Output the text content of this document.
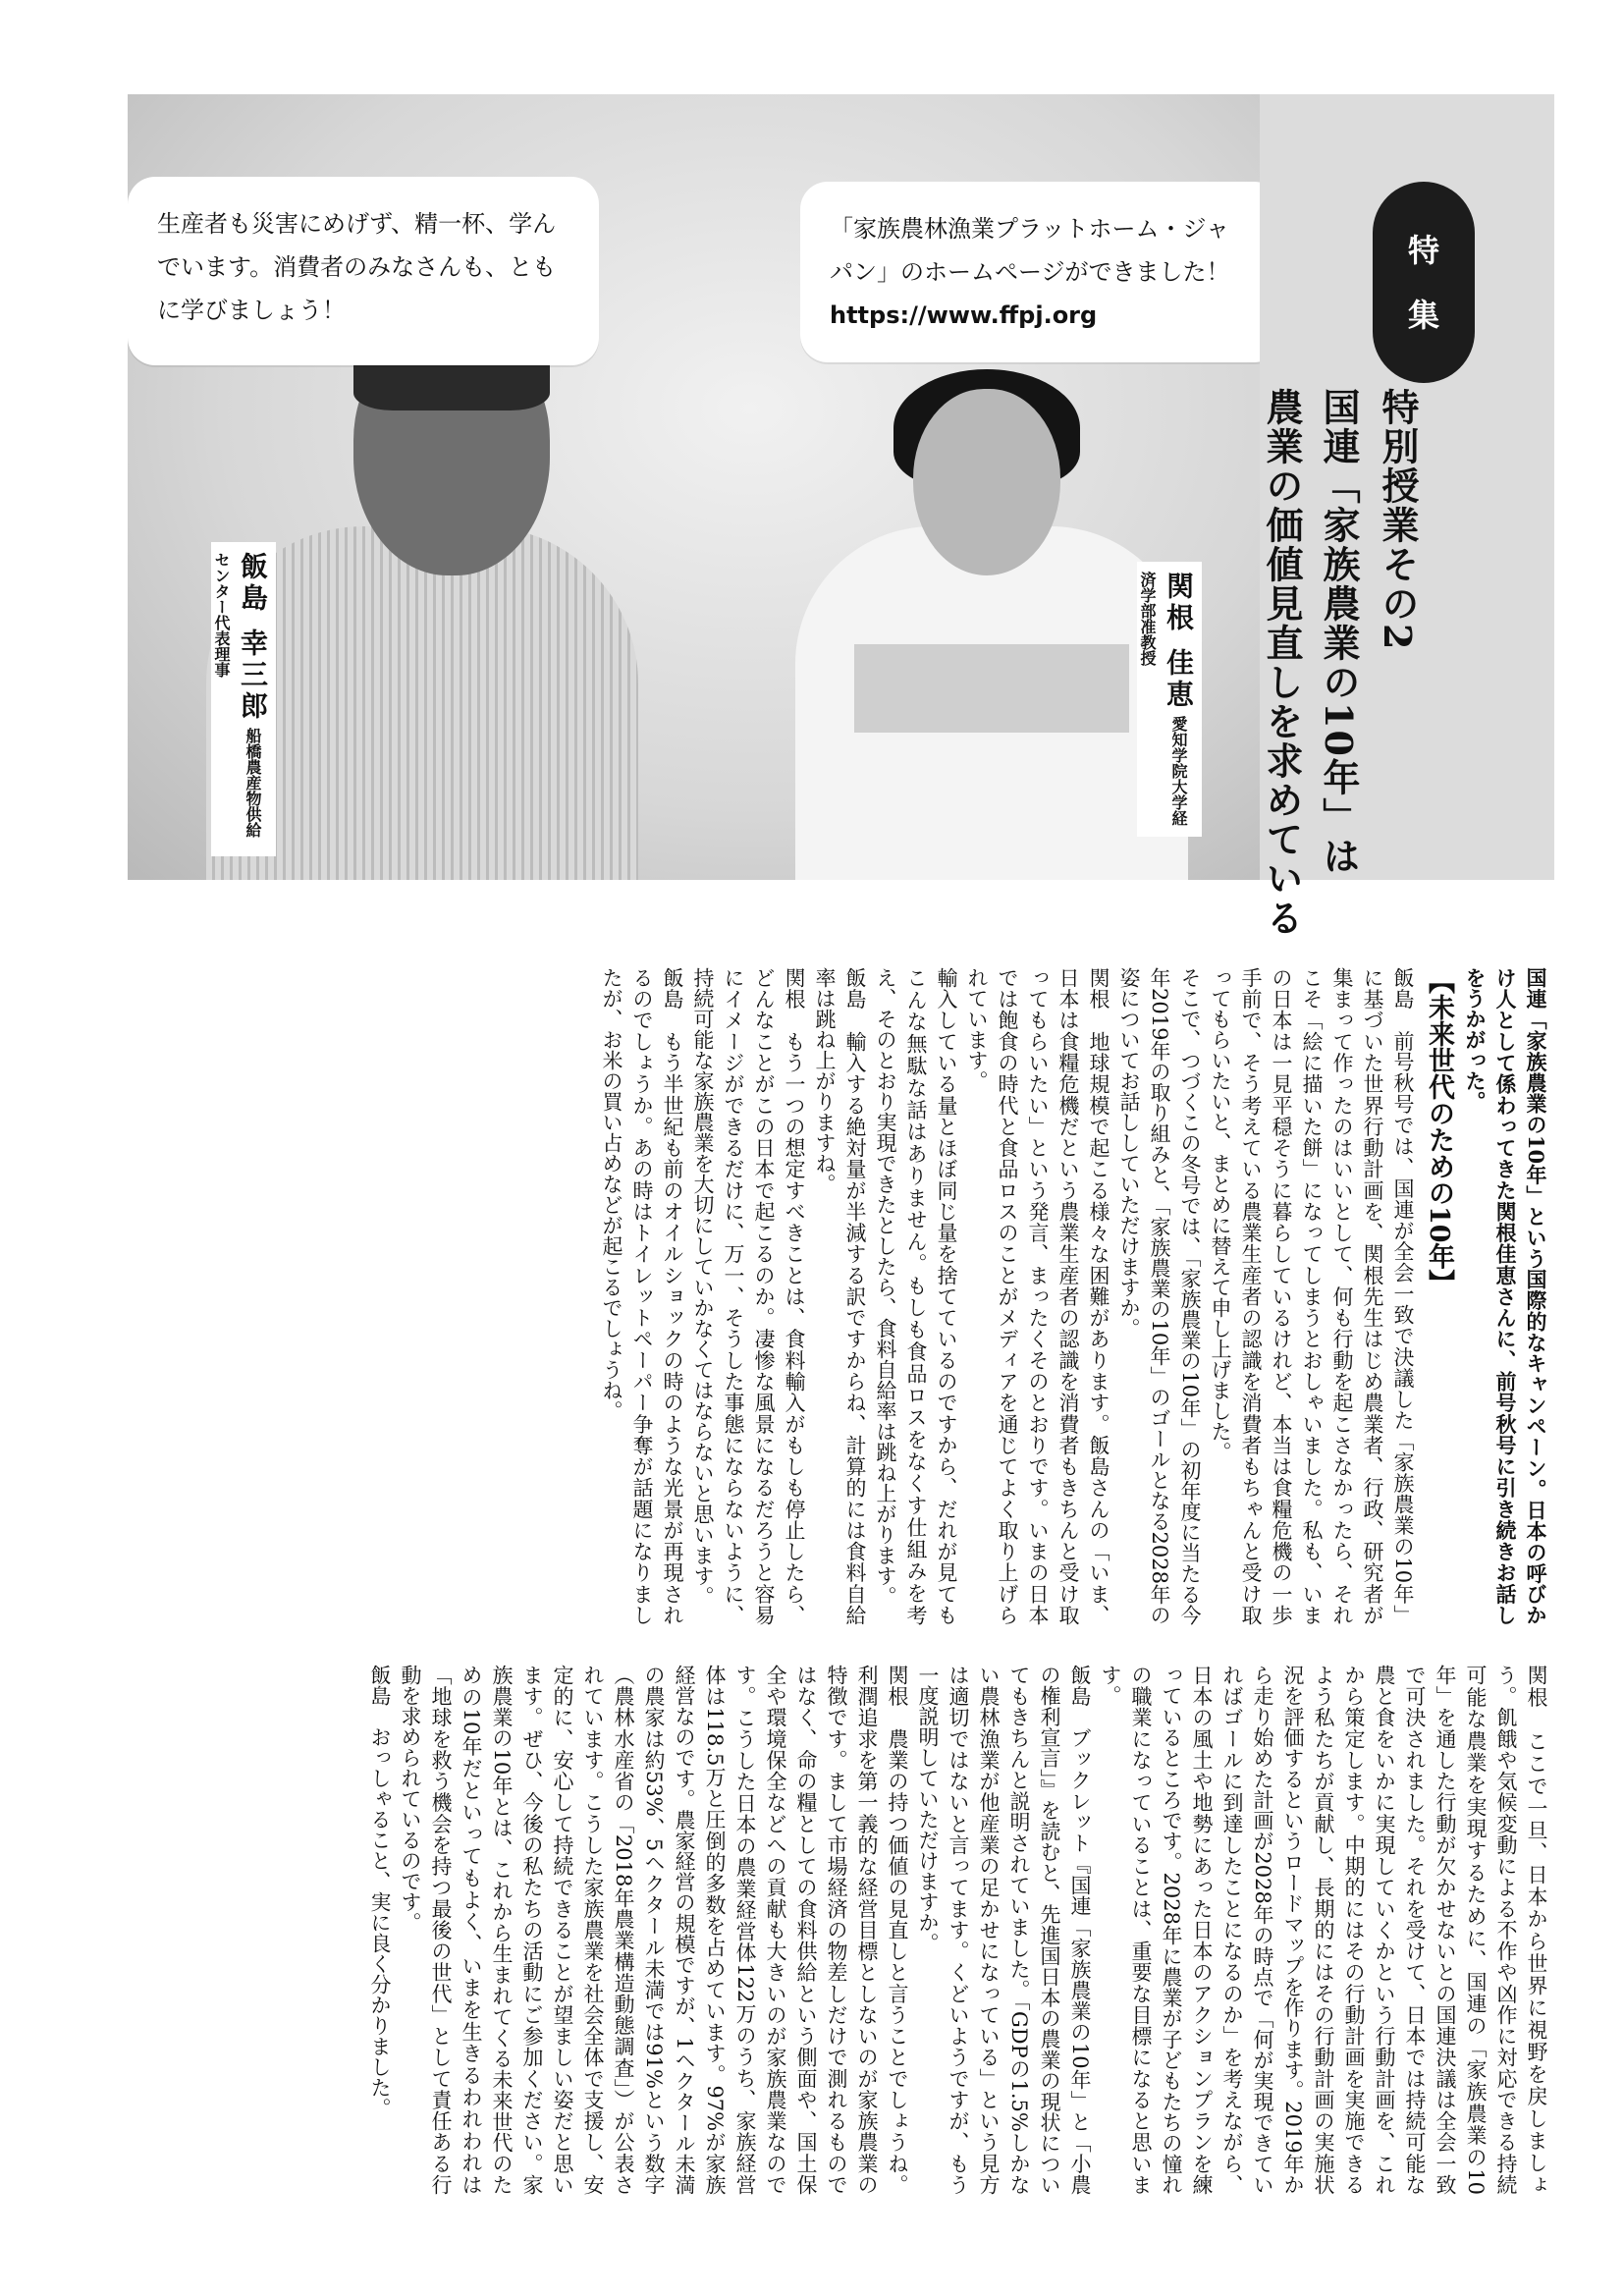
生産者も災害にめげず、精一杯、学んでいます。消費者のみなさんも、ともに学びましょう！
「家族農林漁業プラットホーム・ジャパン」のホームページができました！
https://www.ffpj.org
飯島 幸三郎 船橋農産物供給センター代表理事	関根 佳恵 愛知学院大学経済学部准教授
特
集
特別授業その2
国連「家族農業の10年」は
農業の価値見直しを求めている

国連「家族農業の10年」という国際的なキャンペーン。日本の呼びかけ人として係わってきた関根佳恵さんに、前号秋号に引き続きお話しをうかがった。

【未来世代のための10年】

飯島　前号秋号では、国連が全会一致で決議した「家族農業の10年」に基づいた世界行動計画を、関根先生はじめ農業者、行政、研究者が集まって作ったのはいいとして、何も行動を起こさなかったら、それこそ「絵に描いた餅」になってしまうとおしゃいました。私も、いまの日本は一見平穏そうに暮らしているけれど、本当は食糧危機の一歩手前で、そう考えている農業生産者の認識を消費者もちゃんと受け取ってもらいたいと、まとめに替えて申し上げました。

そこで、つづくこの冬号では、「家族農業の10年」の初年度に当たる今年2019年の取り組みと、「家族農業の10年」のゴールとなる2028年の姿についてお話ししていただけますか。

関根　地球規模で起こる様々な困難があります。飯島さんの「いま、日本は食糧危機だという農業生産者の認識を消費者もきちんと受け取ってもらいたい」という発言、まったくそのとおりです。いまの日本では飽食の時代と食品ロスのことがメディアを通じてよく取り上げられています。

輸入している量とほぼ同じ量を捨てているのですから、だれが見てもこんな無駄な話はありません。もしも食品ロスをなくす仕組みを考え、そのとおり実現できたとしたら、食料自給率は跳ね上がります。

飯島　輸入する絶対量が半減する訳ですからね、計算的には食料自給率は跳ね上がりますね。

関根　もう一つの想定すべきことは、食料輸入がもしも停止したら、どんなことがこの日本で起こるのか。凄惨な風景になるだろうと容易にイメージができるだけに、万一、そうした事態にならないように、持続可能な家族農業を大切にしていかなくてはならないと思います。

飯島　もう半世紀も前のオイルショックの時のような光景が再現されるのでしょうか。あの時はトイレットペーパー争奪が話題になりましたが、お米の買い占めなどが起こるでしょうね。

関根　ここで一旦、日本から世界に視野を戻しましょう。飢餓や気候変動による不作や凶作に対応できる持続可能な農業を実現するために、国連の「家族農業の10年」を通した行動が欠かせないとの国連決議は全会一致で可決されました。それを受けて、日本では持続可能な農と食をいかに実現していくかという行動計画を、これから策定します。中期的にはその行動計画を実施できるよう私たちが貢献し、長期的にはその行動計画の実施状況を評価するというロードマップを作ります。2019年から走り始めた計画が2028年の時点で「何が実現できていればゴールに到達したことになるのか」を考えながら、日本の風土や地勢にあった日本のアクションプランを練っているところです。2028年に農業が子どもたちの憧れの職業になっていることは、重要な目標になると思います。

飯島　ブックレット『国連「家族農業の10年」と「小農の権利宣言」』を読むと、先進国日本の農業の現状についてもきちんと説明されていました。「GDPの1.5%しかない農林漁業が他産業の足かせになっている」という見方は適切ではないと言ってます。くどいようですが、もう一度説明していただけますか。

関根　農業の持つ価値の見直しと言うことでしょうね。利潤追求を第一義的な経営目標としないのが家族農業の特徴です。まして市場経済の物差しだけで測れるものではなく、命の糧としての食料供給という側面や、国土保全や環境保全などへの貢献も大きいのが家族農業なのです。こうした日本の農業経営体122万のうち、家族経営体は118.5万と圧倒的多数を占めています。97%が家族経営なのです。農家経営の規模ですが、1ヘクタール未満の農家は約53%、5ヘクタール未満では91%という数字（農林水産省の「2018年農業構造動態調査」）が公表されています。こうした家族農業を社会全体で支援し、安定的に、安心して持続できることが望ましい姿だと思います。ぜひ、今後の私たちの活動にご参加ください。家族農業の10年とは、これから生まれてくる未来世代のための10年だといってもよく、いまを生きるわれわれは「地球を救う機会を持つ最後の世代」として責任ある行動を求められているのです。

飯島　おっしゃること、実に良く分かりました。
